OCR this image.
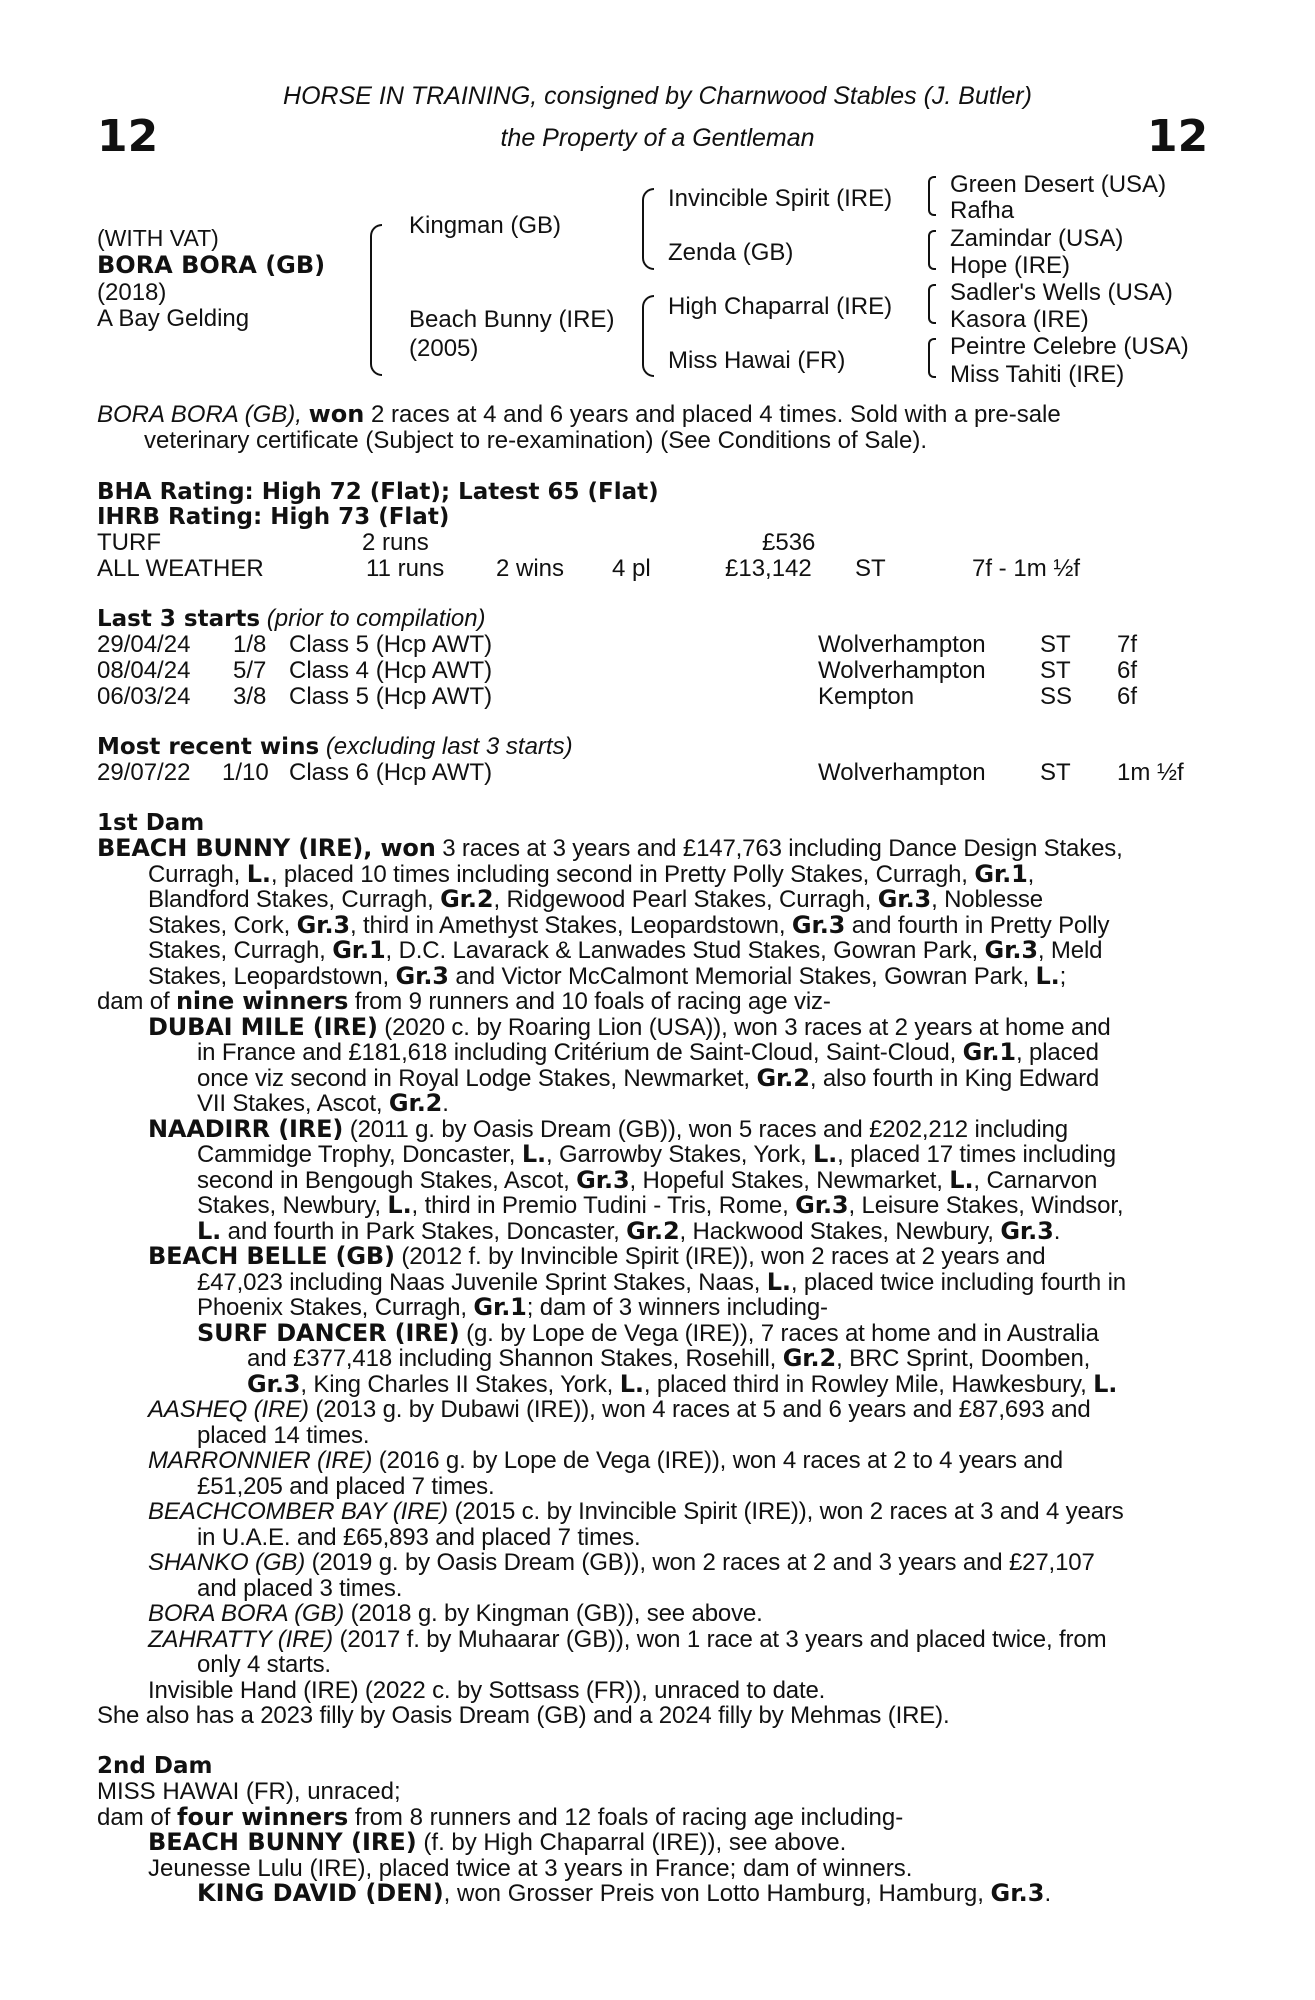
12	12
HORSE IN TRAINING, consigned by Charnwood Stables (J. Butler)
the Property of a Gentleman
(WITH VAT)
BORA BORA (GB)
(2018)
A Bay Gelding
Kingman (GB)
Beach Bunny (IRE)
(2005)
Invincible Spirit (IRE)
Zenda (GB)
High Chaparral (IRE)
Miss Hawai (FR)
Green Desert (USA)
Rafha
Zamindar (USA)
Hope (IRE)
Sadler's Wells (USA)
Kasora (IRE)
Peintre Celebre (USA)
Miss Tahiti (IRE)
BORA BORA (GB), won 2 races at 4 and 6 years and placed 4 times. Sold with a pre-sale
veterinary certificate (Subject to re-examination) (See Conditions of Sale).
BHA Rating: High 72 (Flat); Latest 65 (Flat)
IHRB Rating: High 73 (Flat)
TURF	2 runs	£536
ALL WEATHER	11 runs 2 wins 4 pl	£13,142 ST	7f - 1m ½f
Last 3 starts (prior to compilation)
29/04/24 1/8 Class 5 (Hcp AWT)	Wolverhampton ST 7f
08/04/24 5/7 Class 4 (Hcp AWT)	Wolverhampton ST 6f
06/03/24 3/8 Class 5 (Hcp AWT)	Kempton	SS 6f
Most recent wins (excluding last 3 starts)
29/07/22 1/10 Class 6 (Hcp AWT)	Wolverhampton ST 1m ½f
1st Dam
BEACH BUNNY (IRE), won 3 races at 3 years and £147,763 including Dance Design Stakes,
Curragh, L., placed 10 times including second in Pretty Polly Stakes, Curragh, Gr.1,
Blandford Stakes, Curragh, Gr.2, Ridgewood Pearl Stakes, Curragh, Gr.3, Noblesse
Stakes, Cork, Gr.3, third in Amethyst Stakes, Leopardstown, Gr.3 and fourth in Pretty Polly
Stakes, Curragh, Gr.1, D.C. Lavarack & Lanwades Stud Stakes, Gowran Park, Gr.3, Meld
Stakes, Leopardstown, Gr.3 and Victor McCalmont Memorial Stakes, Gowran Park, L.;
dam of nine winners from 9 runners and 10 foals of racing age viz-
DUBAI MILE (IRE) (2020 c. by Roaring Lion (USA)), won 3 races at 2 years at home and
in France and £181,618 including Critérium de Saint-Cloud, Saint-Cloud, Gr.1, placed
once viz second in Royal Lodge Stakes, Newmarket, Gr.2, also fourth in King Edward
VII Stakes, Ascot, Gr.2.
NAADIRR (IRE) (2011 g. by Oasis Dream (GB)), won 5 races and £202,212 including
Cammidge Trophy, Doncaster, L., Garrowby Stakes, York, L., placed 17 times including
second in Bengough Stakes, Ascot, Gr.3, Hopeful Stakes, Newmarket, L., Carnarvon
Stakes, Newbury, L., third in Premio Tudini - Tris, Rome, Gr.3, Leisure Stakes, Windsor,
L. and fourth in Park Stakes, Doncaster, Gr.2, Hackwood Stakes, Newbury, Gr.3.
BEACH BELLE (GB) (2012 f. by Invincible Spirit (IRE)), won 2 races at 2 years and
£47,023 including Naas Juvenile Sprint Stakes, Naas, L., placed twice including fourth in
Phoenix Stakes, Curragh, Gr.1; dam of 3 winners including-
SURF DANCER (IRE) (g. by Lope de Vega (IRE)), 7 races at home and in Australia
and £377,418 including Shannon Stakes, Rosehill, Gr.2, BRC Sprint, Doomben,
Gr.3, King Charles II Stakes, York, L., placed third in Rowley Mile, Hawkesbury, L.
AASHEQ (IRE) (2013 g. by Dubawi (IRE)), won 4 races at 5 and 6 years and £87,693 and
placed 14 times.
MARRONNIER (IRE) (2016 g. by Lope de Vega (IRE)), won 4 races at 2 to 4 years and
£51,205 and placed 7 times.
BEACHCOMBER BAY (IRE) (2015 c. by Invincible Spirit (IRE)), won 2 races at 3 and 4 years
in U.A.E. and £65,893 and placed 7 times.
SHANKO (GB) (2019 g. by Oasis Dream (GB)), won 2 races at 2 and 3 years and £27,107
and placed 3 times.
BORA BORA (GB) (2018 g. by Kingman (GB)), see above.
ZAHRATTY (IRE) (2017 f. by Muhaarar (GB)), won 1 race at 3 years and placed twice, from
only 4 starts.
Invisible Hand (IRE) (2022 c. by Sottsass (FR)), unraced to date.
She also has a 2023 filly by Oasis Dream (GB) and a 2024 filly by Mehmas (IRE).
2nd Dam
MISS HAWAI (FR), unraced;
dam of four winners from 8 runners and 12 foals of racing age including-
BEACH BUNNY (IRE) (f. by High Chaparral (IRE)), see above.
Jeunesse Lulu (IRE), placed twice at 3 years in France; dam of winners.
KING DAVID (DEN), won Grosser Preis von Lotto Hamburg, Hamburg, Gr.3.
